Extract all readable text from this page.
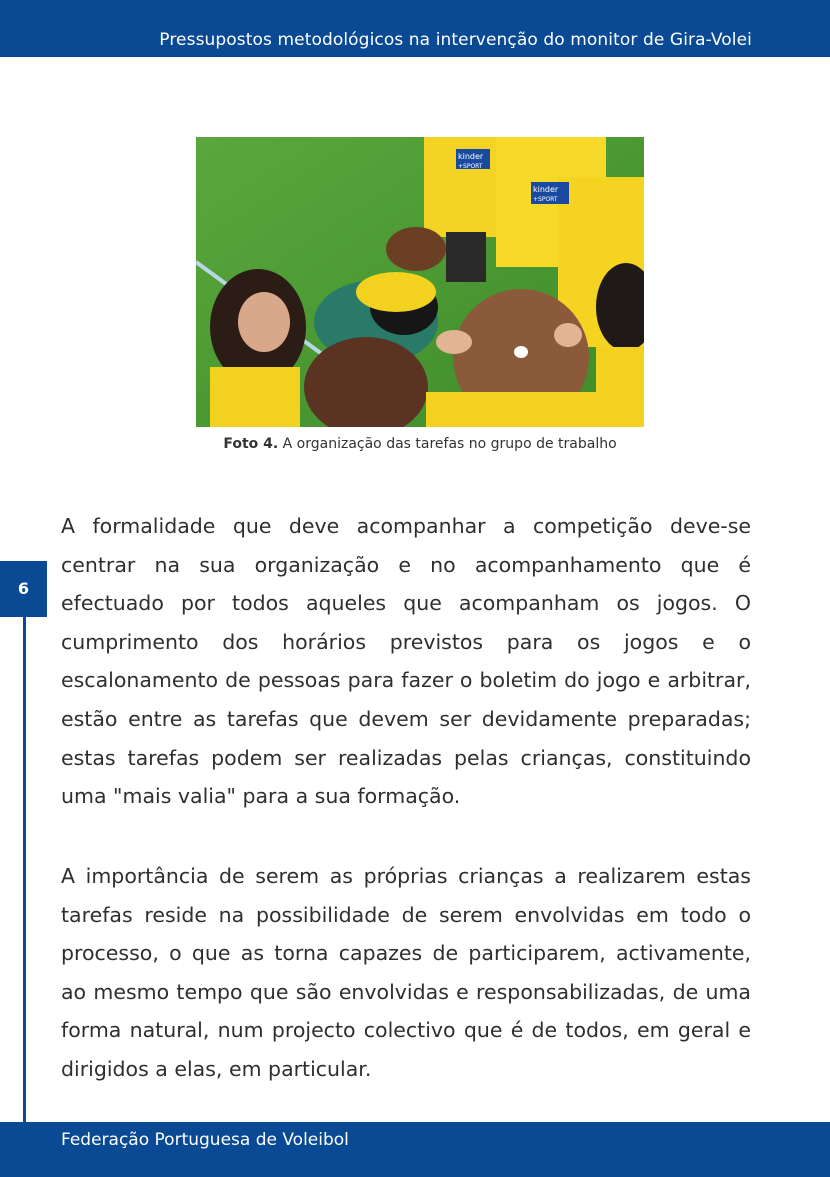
Pressupostos metodológicos na intervenção do monitor de Gira-Volei
kinder
+SPORT
kinder
+SPORT
Foto 4. A organização das tarefas no grupo de trabalho
6

A formalidade que deve acompanhar a competição deve-se centrar na sua organização e no acompanhamento que é efectuado por todos aqueles que acompanham os jogos. O cumprimento dos horários previstos para os jogos e o escalonamento de pessoas para fazer o boletim do jogo e arbitrar, estão entre as tarefas que devem ser devidamente preparadas; estas tarefas podem ser realizadas pelas crianças, constituindo uma "mais valia" para a sua formação.

A importância de serem as próprias crianças a realizarem estas tarefas reside na possibilidade de serem envolvidas em todo o processo, o que as torna capazes de participarem, activamente, ao mesmo tempo que são envolvidas e responsabilizadas, de uma forma natural, num projecto colectivo que é de todos, em geral e dirigidos a elas, em particular.

Federação Portuguesa de Voleibol
